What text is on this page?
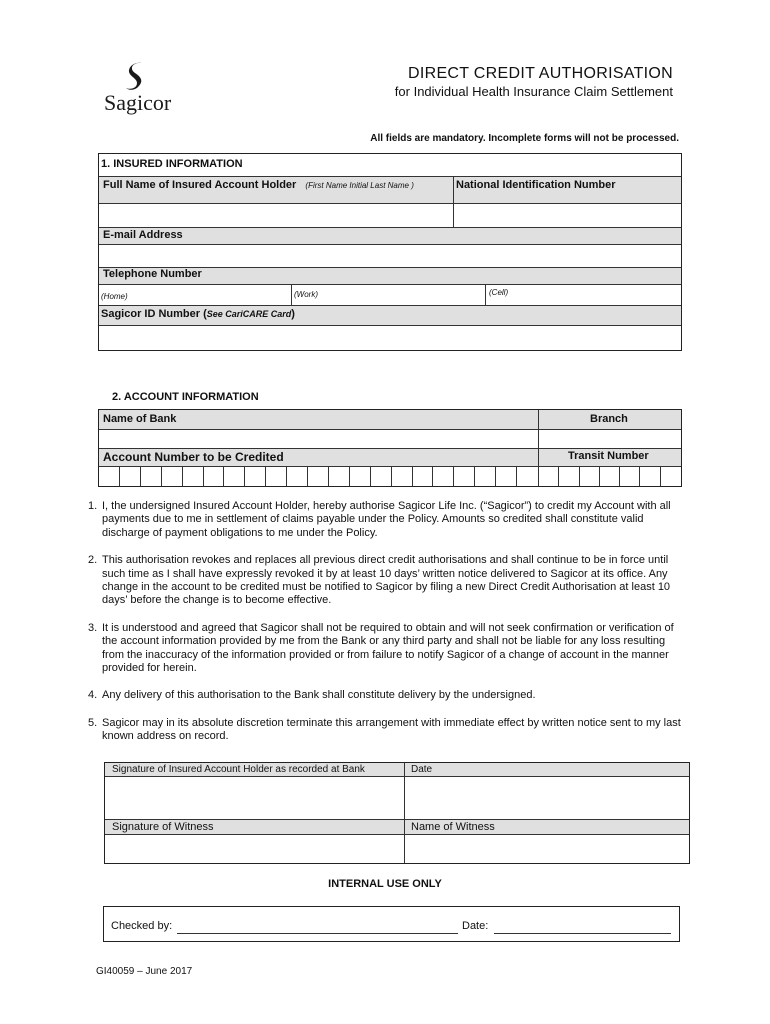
Sagicor
DIRECT CREDIT AUTHORISATION
for Individual Health Insurance Claim Settlement
All fields are mandatory. Incomplete forms will not be processed.
1. INSURED INFORMATION
Full Name of Insured Account Holder (First Name Initial Last Name )	National Identification Number
E-mail Address
Telephone Number
(Home)	(Work)	(Cell)
Sagicor ID Number (See CariCARE Card)
2. ACCOUNT INFORMATION
Name of Bank	Branch
Account Number to be Credited	Transit Number
1. I, the undersigned Insured Account Holder, hereby authorise Sagicor Life Inc. (“Sagicor”) to credit my Account with all payments due to me in settlement of claims payable under the Policy. Amounts so credited shall constitute valid discharge of payment obligations to me under the Policy.
2. This authorisation revokes and replaces all previous direct credit authorisations and shall continue to be in force until such time as I shall have expressly revoked it by at least 10 days’ written notice delivered to Sagicor at its office. Any change in the account to be credited must be notified to Sagicor by filing a new Direct Credit Authorisation at least 10 days’ before the change is to become effective.
3. It is understood and agreed that Sagicor shall not be required to obtain and will not seek confirmation or verification of the account information provided by me from the Bank or any third party and shall not be liable for any loss resulting from the inaccuracy of the information provided or from failure to notify Sagicor of a change of account in the manner provided for herein.
4. Any delivery of this authorisation to the Bank shall constitute delivery by the undersigned.
5. Sagicor may in its absolute discretion terminate this arrangement with immediate effect by written notice sent to my last known address on record.
Signature of Insured Account Holder as recorded at Bank	Date
Signature of Witness	Name of Witness
INTERNAL USE ONLY
Checked by:	Date:
GI40059 – June 2017
